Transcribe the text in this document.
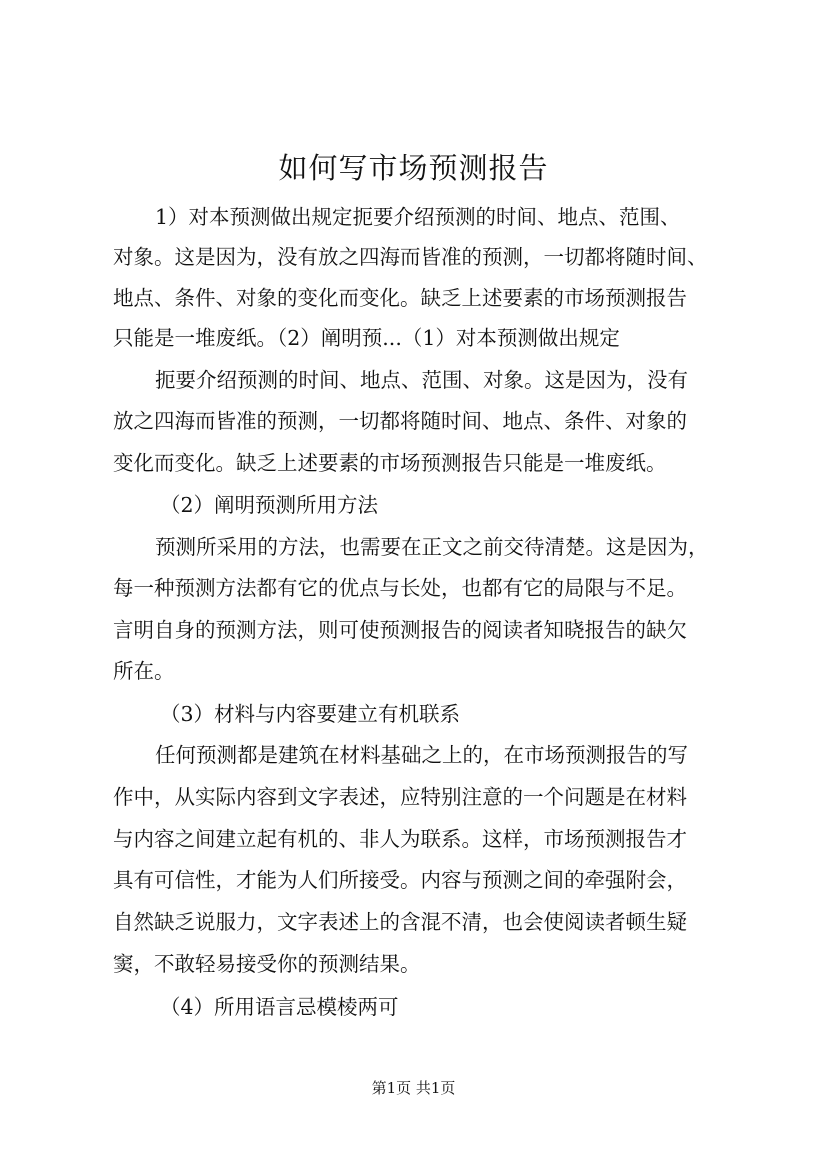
如何写市场预测报告
1）对本预测做出规定扼要介绍预测的时间、地点、范围、
对象。这是因为，没有放之四海而皆准的预测，一切都将随时间、
地点、条件、对象的变化而变化。缺乏上述要素的市场预测报告
只能是一堆废纸。（2）阐明预...（1）对本预测做出规定
扼要介绍预测的时间、地点、范围、对象。这是因为，没有
放之四海而皆准的预测，一切都将随时间、地点、条件、对象的
变化而变化。缺乏上述要素的市场预测报告只能是一堆废纸。
（2）阐明预测所用方法
预测所采用的方法，也需要在正文之前交待清楚。这是因为，
每一种预测方法都有它的优点与长处，也都有它的局限与不足。
言明自身的预测方法，则可使预测报告的阅读者知晓报告的缺欠
所在。
（3）材料与内容要建立有机联系
任何预测都是建筑在材料基础之上的，在市场预测报告的写
作中，从实际内容到文字表述，应特别注意的一个问题是在材料
与内容之间建立起有机的、非人为联系。这样，市场预测报告才
具有可信性，才能为人们所接受。内容与预测之间的牵强附会，
自然缺乏说服力，文字表述上的含混不清，也会使阅读者顿生疑
窦，不敢轻易接受你的预测结果。
（4）所用语言忌模棱两可
第1页 共1页
